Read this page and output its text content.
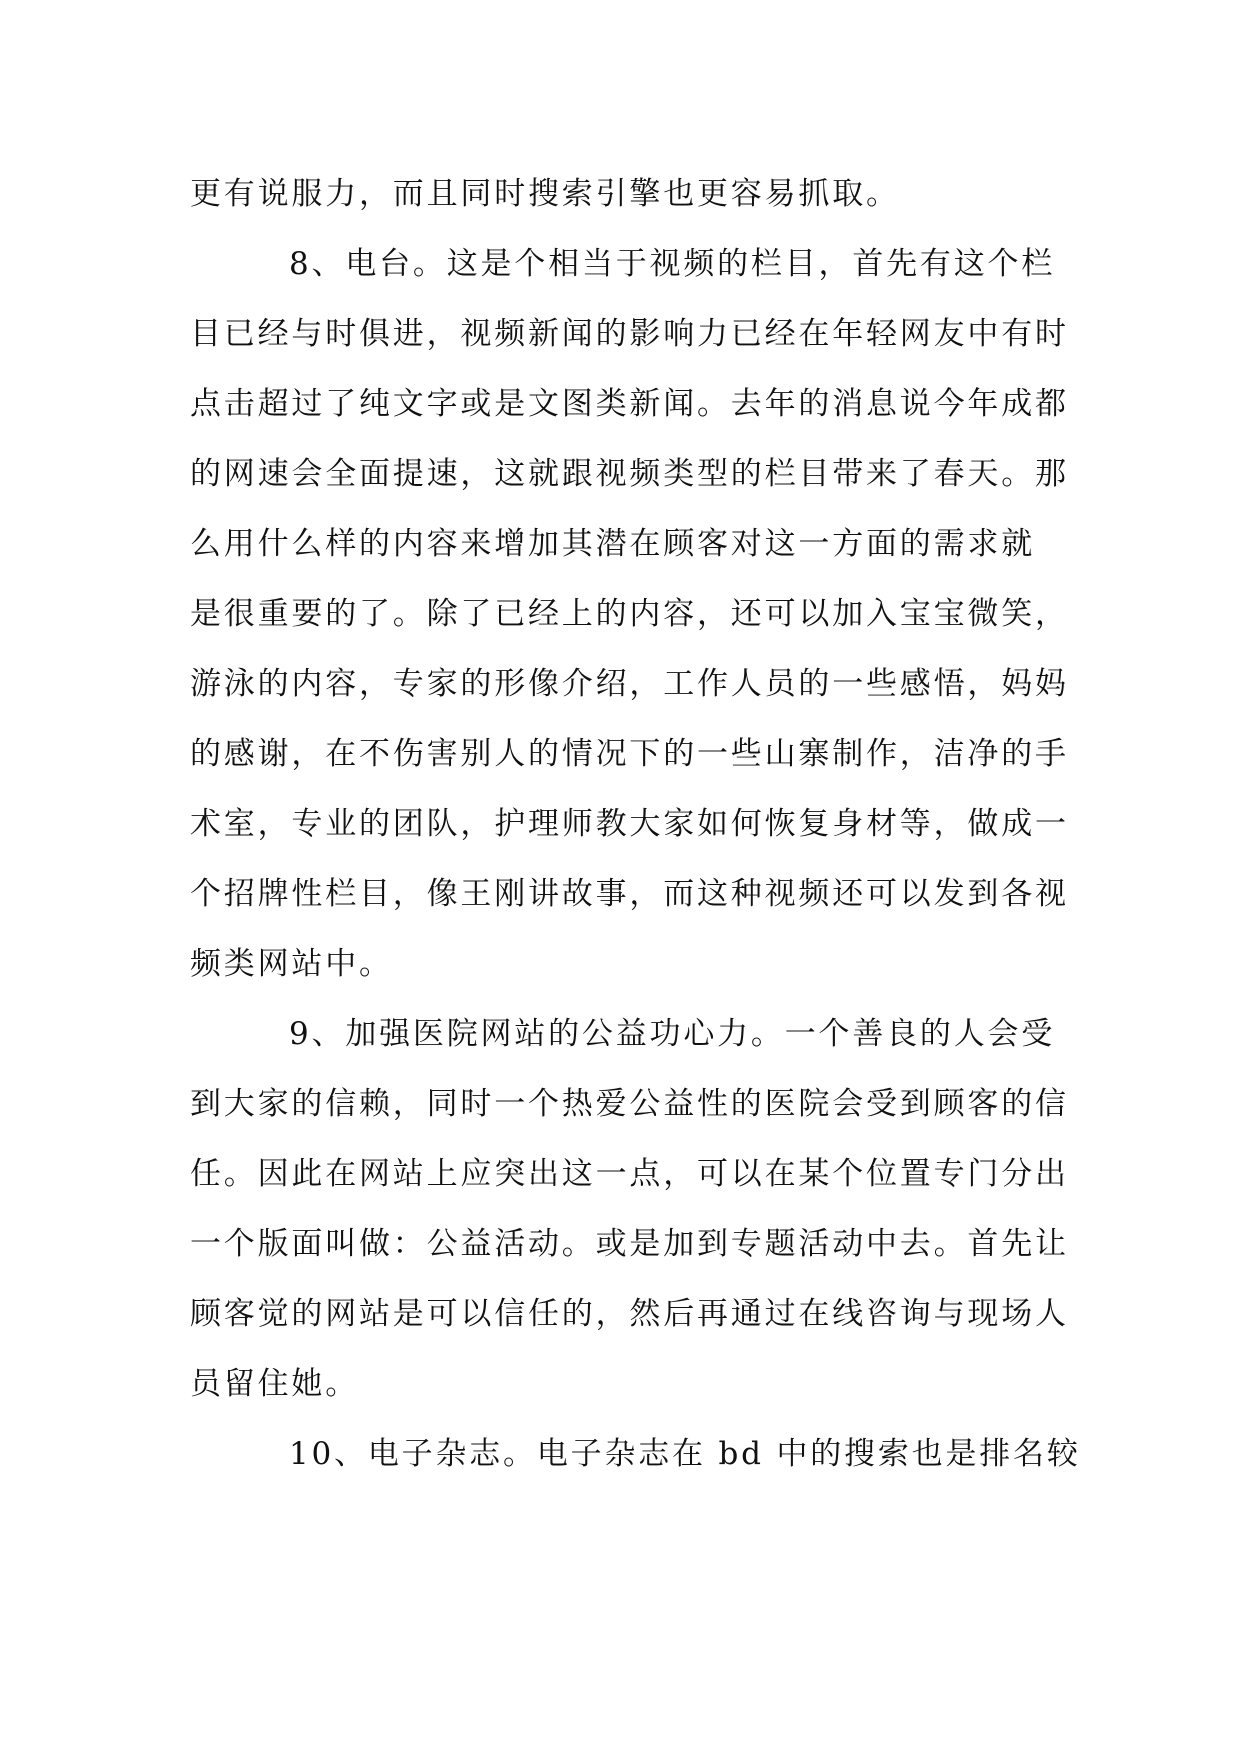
更有说服力，而且同时搜索引擎也更容易抓取。
8、电台。这是个相当于视频的栏目，首先有这个栏
目已经与时俱进，视频新闻的影响力已经在年轻网友中有时
点击超过了纯文字或是文图类新闻。去年的消息说今年成都
的网速会全面提速，这就跟视频类型的栏目带来了春天。那
么用什么样的内容来增加其潜在顾客对这一方面的需求就
是很重要的了。除了已经上的内容，还可以加入宝宝微笑，
游泳的内容，专家的形像介绍，工作人员的一些感悟，妈妈
的感谢，在不伤害别人的情况下的一些山寨制作，洁净的手
术室，专业的团队，护理师教大家如何恢复身材等，做成一
个招牌性栏目，像王刚讲故事，而这种视频还可以发到各视
频类网站中。
9、加强医院网站的公益功心力。一个善良的人会受
到大家的信赖，同时一个热爱公益性的医院会受到顾客的信
任。因此在网站上应突出这一点，可以在某个位置专门分出
一个版面叫做：公益活动。或是加到专题活动中去。首先让
顾客觉的网站是可以信任的，然后再通过在线咨询与现场人
员留住她。
10、电子杂志。电子杂志在 bd 中的搜索也是排名较
